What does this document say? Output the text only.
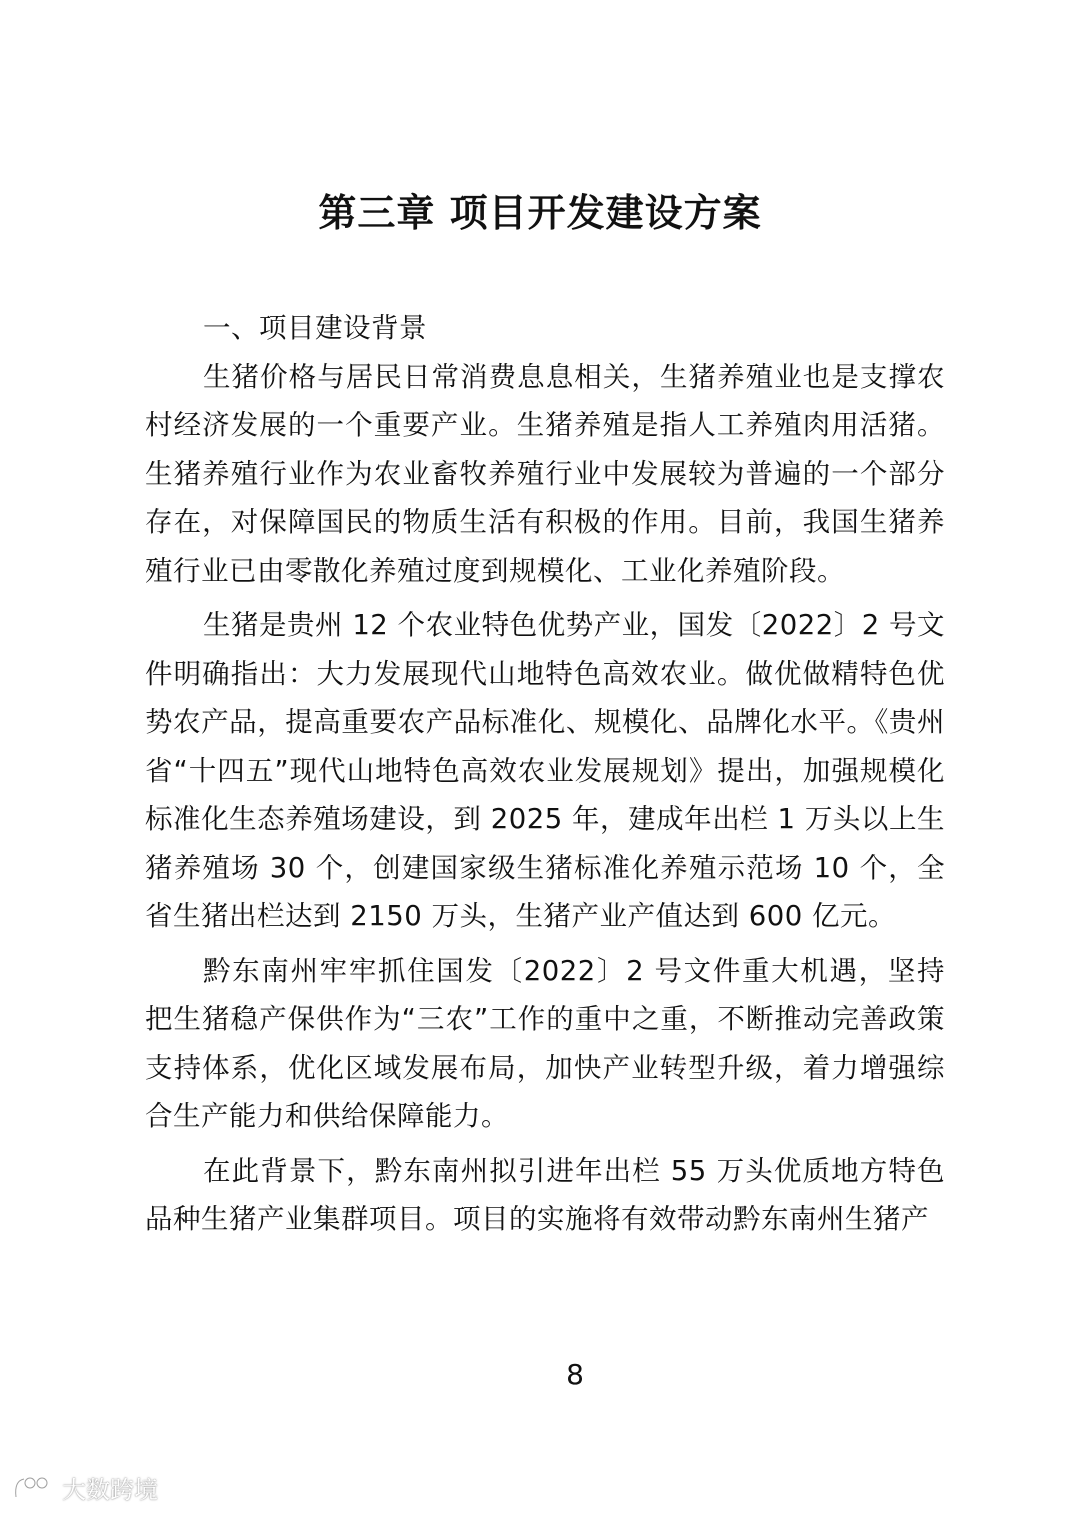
第三章 项目开发建设方案

一、项目建设背景

生猪价格与居民日常消费息息相关，生猪养殖业也是支撑农村经济发展的一个重要产业。生猪养殖是指人工养殖肉用活猪。生猪养殖行业作为农业畜牧养殖行业中发展较为普遍的一个部分存在，对保障国民的物质生活有积极的作用。目前，我国生猪养殖行业已由零散化养殖过度到规模化、工业化养殖阶段。

生猪是贵州 12 个农业特色优势产业，国发〔2022〕2 号文件明确指出：大力发展现代山地特色高效农业。做优做精特色优势农产品，提高重要农产品标准化、规模化、品牌化水平。《贵州省“十四五”现代山地特色高效农业发展规划》提出，加强规模化标准化生态养殖场建设，到 2025 年，建成年出栏 1 万头以上生猪养殖场 30 个，创建国家级生猪标准化养殖示范场 10 个，全省生猪出栏达到 2150 万头，生猪产业产值达到 600 亿元。

黔东南州牢牢抓住国发〔2022〕2 号文件重大机遇，坚持把生猪稳产保供作为“三农”工作的重中之重，不断推动完善政策支持体系，优化区域发展布局，加快产业转型升级，着力增强综合生产能力和供给保障能力。

在此背景下，黔东南州拟引进年出栏 55 万头优质地方特色品种生猪产业集群项目。项目的实施将有效带动黔东南州生猪产

8
大数跨境
